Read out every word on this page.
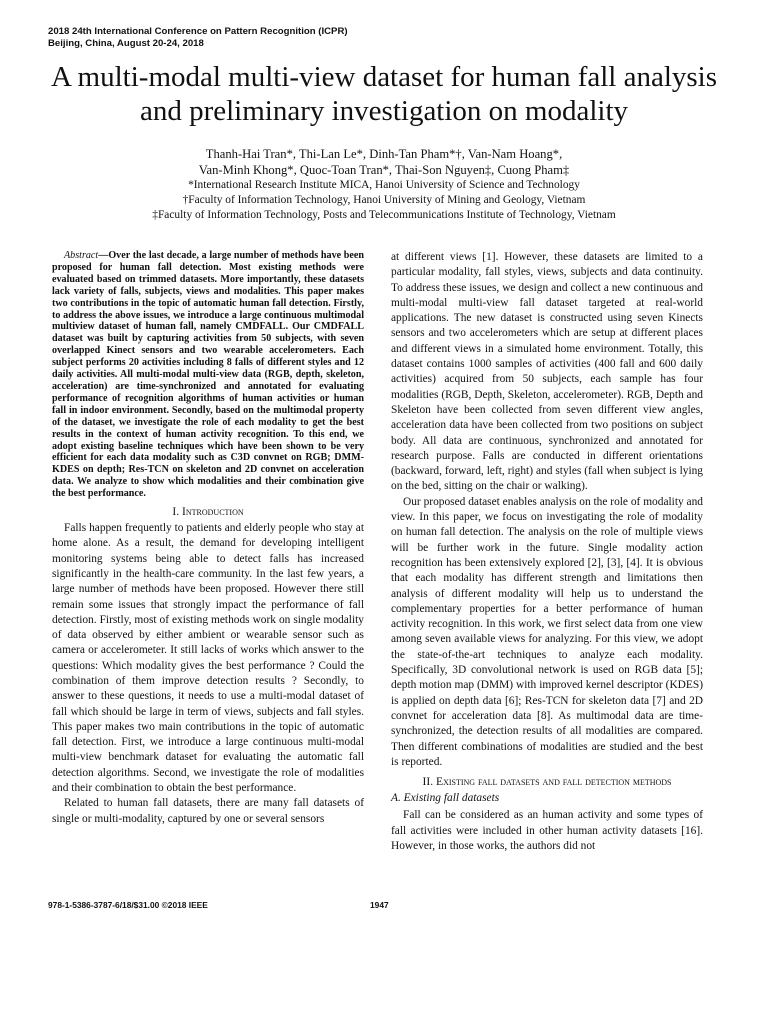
2018 24th International Conference on Pattern Recognition (ICPR)
Beijing, China, August 20-24, 2018
A multi-modal multi-view dataset for human fall analysis and preliminary investigation on modality
Thanh-Hai Tran*, Thi-Lan Le*, Dinh-Tan Pham*†, Van-Nam Hoang*,
Van-Minh Khong*, Quoc-Toan Tran*, Thai-Son Nguyen‡, Cuong Pham‡
*International Research Institute MICA, Hanoi University of Science and Technology
†Faculty of Information Technology, Hanoi University of Mining and Geology, Vietnam
‡Faculty of Information Technology, Posts and Telecommunications Institute of Technology, Vietnam

Abstract—Over the last decade, a large number of methods have been proposed for human fall detection. Most existing methods were evaluated based on trimmed datasets. More importantly, these datasets lack variety of falls, subjects, views and modalities. This paper makes two contributions in the topic of automatic human fall detection. Firstly, to address the above issues, we introduce a large continuous multimodal multiview dataset of human fall, namely CMDFALL. Our CMDFALL dataset was built by capturing activities from 50 subjects, with seven overlapped Kinect sensors and two wearable accelerometers. Each subject performs 20 activities including 8 falls of different styles and 12 daily activities. All multi-modal multi-view data (RGB, depth, skeleton, acceleration) are time-synchronized and annotated for evaluating performance of recognition algorithms of human activities or human fall in indoor environment. Secondly, based on the multimodal property of the dataset, we investigate the role of each modality to get the best results in the context of human activity recognition. To this end, we adopt existing baseline techniques which have been shown to be very efficient for each data modality such as C3D convnet on RGB; DMM-KDES on depth; Res-TCN on skeleton and 2D convnet on acceleration data. We analyze to show which modalities and their combination give the best performance.

I. Introduction

Falls happen frequently to patients and elderly people who stay at home alone. As a result, the demand for developing intelligent monitoring systems being able to detect falls has increased significantly in the health-care community. In the last few years, a large number of methods have been proposed. However there still remain some issues that strongly impact the performance of fall detection. Firstly, most of existing methods work on single modality of data observed by either ambient or wearable sensor such as camera or accelerometer. It still lacks of works which answer to the questions: Which modality gives the best performance ? Could the combination of them improve detection results ? Secondly, to answer to these questions, it needs to use a multi-modal dataset of fall which should be large in term of views, subjects and fall styles. This paper makes two main contributions in the topic of automatic fall detection. First, we introduce a large continuous multi-modal multi-view benchmark dataset for evaluating the automatic fall detection algorithms. Second, we investigate the role of modalities and their combination to obtain the best performance.

Related to human fall datasets, there are many fall datasets of single or multi-modality, captured by one or several sensors

at different views [1]. However, these datasets are limited to a particular modality, fall styles, views, subjects and data continuity. To address these issues, we design and collect a new continuous and multi-modal multi-view fall dataset targeted at real-world applications. The new dataset is constructed using seven Kinects sensors and two accelerometers which are setup at different places and different views in a simulated home environment. Totally, this dataset contains 1000 samples of activities (400 fall and 600 daily activities) acquired from 50 subjects, each sample has four modalities (RGB, Depth, Skeleton, accelerometer). RGB, Depth and Skeleton have been collected from seven different view angles, acceleration data have been collected from two positions on subject body. All data are continuous, synchronized and annotated for research purpose. Falls are conducted in different orientations (backward, forward, left, right) and styles (fall when subject is lying on the bed, sitting on the chair or walking).

Our proposed dataset enables analysis on the role of modality and view. In this paper, we focus on investigating the role of modality on human fall detection. The analysis on the role of multiple views will be further work in the future. Single modality action recognition has been extensively explored [2], [3], [4]. It is obvious that each modality has different strength and limitations then analysis of different modality will help us to understand the complementary properties for a better performance of human activity recognition. In this work, we first select data from one view among seven available views for analyzing. For this view, we adopt the state-of-the-art techniques to analyze each modality. Specifically, 3D convolutional network is used on RGB data [5]; depth motion map (DMM) with improved kernel descriptor (KDES) is applied on depth data [6]; Res-TCN for skeleton data [7] and 2D convnet for acceleration data [8]. As multimodal data are time-synchronized, the detection results of all modalities are compared. Then different combinations of modalities are studied and the best is reported.

II. Existing fall datasets and fall detection methods
A. Existing fall datasets

Fall can be considered as an human activity and some types of fall activities were included in other human activity datasets [16]. However, in those works, the authors did not

978-1-5386-3787-6/18/$31.00 ©2018 IEEE	1947
